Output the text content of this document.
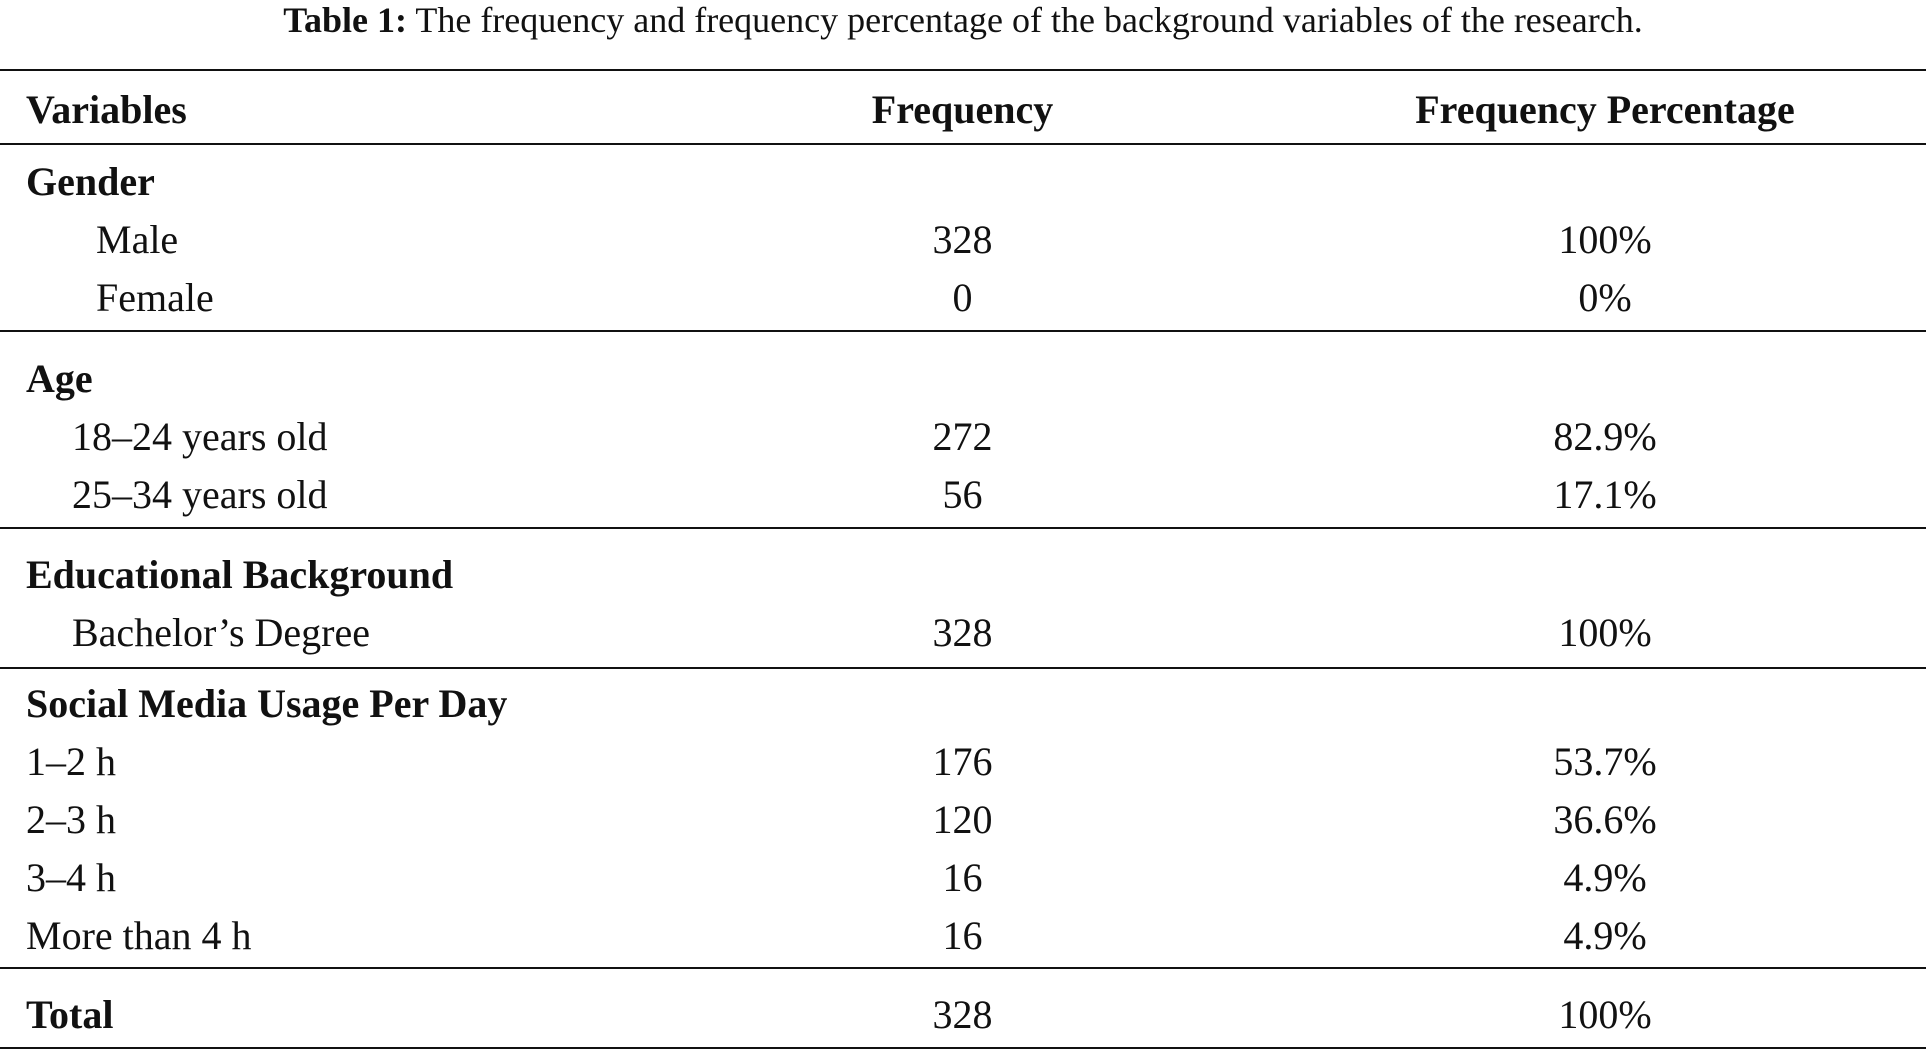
Table 1: The frequency and frequency percentage of the background variables of the research.
Variables	Frequency	Frequency Percentage
Gender
Male	328	100%
Female	0	0%
Age
18–24 years old	272	82.9%
25–34 years old	56	17.1%
Educational Background
Bachelor’s Degree	328	100%
Social Media Usage Per Day
1–2 h	176	53.7%
2–3 h	120	36.6%
3–4 h	16	4.9%
More than 4 h	16	4.9%
Total	328	100%
